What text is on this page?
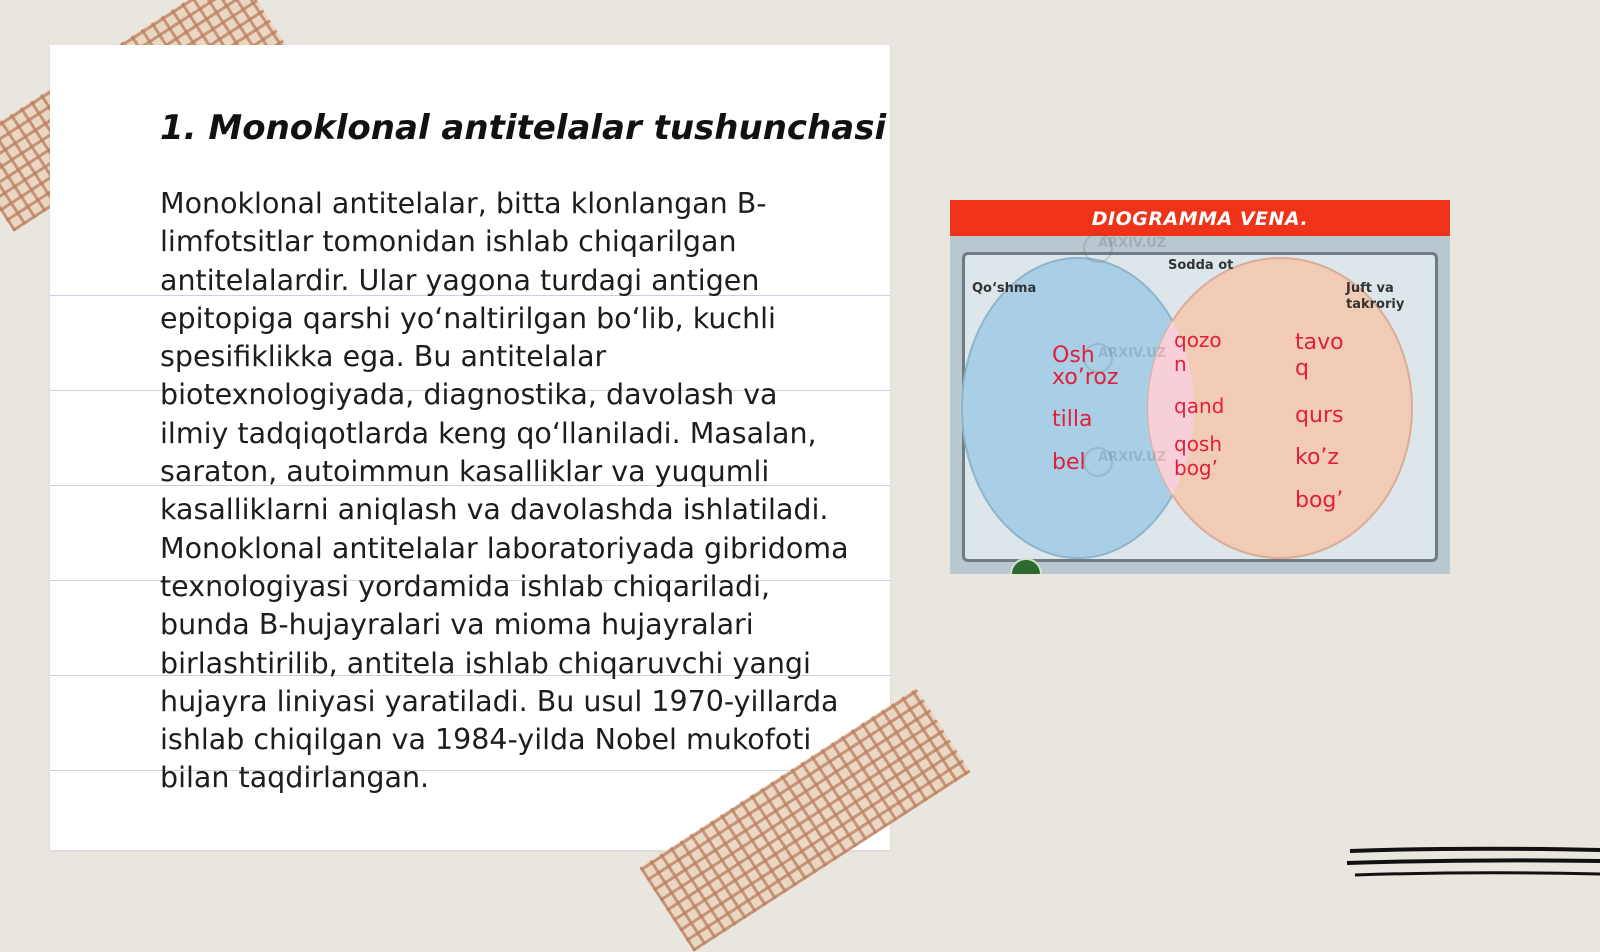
1. Monoklonal antitelalar tushunchasi

Monoklonal antitelalar, bitta klonlangan B-limfotsitlar tomonidan ishlab chiqarilgan antitelalardir. Ular yagona turdagi antigen epitopiga qarshi yo‘naltirilgan bo‘lib, kuchli spesifiklikka ega. Bu antitelalar biotexnologiyada, diagnostika, davolash va ilmiy tadqiqotlarda keng qo‘llaniladi. Masalan, saraton, autoimmun kasalliklar va yuqumli kasalliklarni aniqlash va davolashda ishlatiladi. Monoklonal antitelalar laboratoriyada gibridoma texnologiyasi yordamida ishlab chiqariladi, bunda B-hujayralari va mioma hujayralari birlashtirilib, antitela ishlab chiqaruvchi yangi hujayra liniyasi yaratiladi. Bu usul 1970-yillarda ishlab chiqilgan va 1984-yilda Nobel mukofoti bilan taqdirlangan.

DIOGRAMMA VENA.
Qo‘shma
Sodda ot
Juft va takroriy
Osh
xo’roz
tilla
bel
qozon
qand
qosh bog’
tavoq
qurs
ko’z
bog’
ARXIV.UZ
ARXIV.UZ
ARXIV.UZ
